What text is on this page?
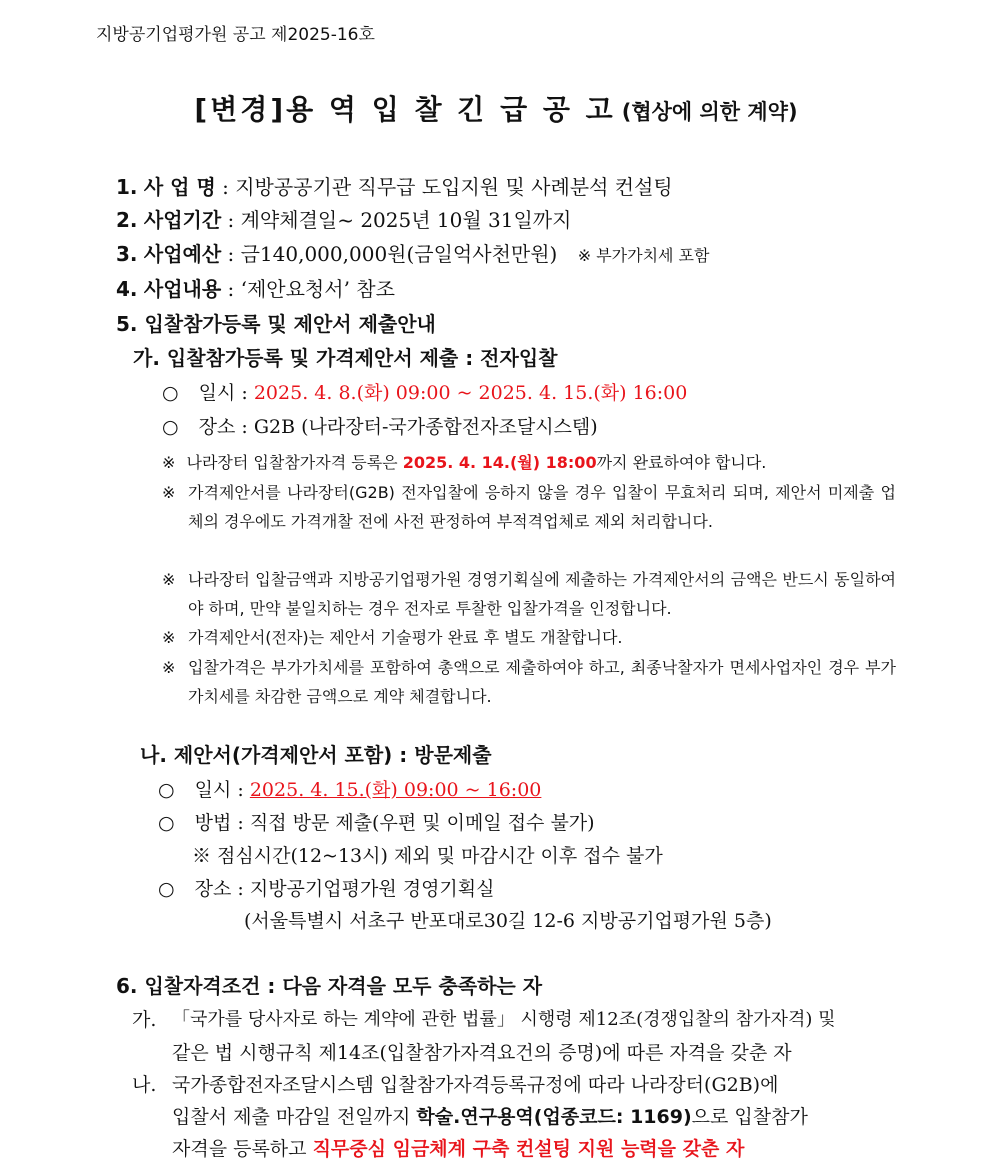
지방공기업평가원 공고 제2025-16호
[변경]용 역 입 찰 긴 급 공 고 (협상에 의한 계약)
1. 사 업 명 : 지방공공기관 직무급 도입지원 및 사례분석 컨설팅
2. 사업기간 : 계약체결일~ 2025년 10월 31일까지
3. 사업예산 : 금140,000,000원(금일억사천만원) ※ 부가가치세 포함
4. 사업내용 : ‘제안요청서’ 참조
5. 입찰참가등록 및 제안서 제출안내
가. 입찰참가등록 및 가격제안서 제출 : 전자입찰
○ 일시 : 2025. 4. 8.(화) 09:00 ~ 2025. 4. 15.(화) 16:00
○ 장소 : G2B (나라장터-국가종합전자조달시스템)
※ 나라장터 입찰참가자격 등록은 2025. 4. 14.(월) 18:00까지 완료하여야 합니다.
※ 가격제안서를 나라장터(G2B) 전자입찰에 응하지 않을 경우 입찰이 무효처리 되며, 제안서 미제출 업체의 경우에도 가격개찰 전에 사전 판정하여 부적격업체로 제외 처리합니다.
※ 나라장터 입찰금액과 지방공기업평가원 경영기획실에 제출하는 가격제안서의 금액은 반드시 동일하여야 하며, 만약 불일치하는 경우 전자로 투찰한 입찰가격을 인정합니다.
※ 가격제안서(전자)는 제안서 기술평가 완료 후 별도 개찰합니다.
※ 입찰가격은 부가가치세를 포함하여 총액으로 제출하여야 하고, 최종낙찰자가 면세사업자인 경우 부가가치세를 차감한 금액으로 계약 체결합니다.
나. 제안서(가격제안서 포함) : 방문제출
○ 일시 : 2025. 4. 15.(화) 09:00 ~ 16:00
○ 방법 : 직접 방문 제출(우편 및 이메일 접수 불가)
※ 점심시간(12~13시) 제외 및 마감시간 이후 접수 불가
○ 장소 : 지방공기업평가원 경영기획실
(서울특별시 서초구 반포대로30길 12-6 지방공기업평가원 5층)
6. 입찰자격조건 : 다음 자격을 모두 충족하는 자
가. 「국가를 당사자로 하는 계약에 관한 법률」 시행령 제12조(경쟁입찰의 참가자격) 및
같은 법 시행규칙 제14조(입찰참가자격요건의 증명)에 따른 자격을 갖춘 자
나. 국가종합전자조달시스템 입찰참가자격등록규정에 따라 나라장터(G2B)에
입찰서 제출 마감일 전일까지 학술.연구용역(업종코드: 1169)으로 입찰참가
자격을 등록하고 직무중심 임금체계 구축 컨설팅 지원 능력을 갖춘 자
